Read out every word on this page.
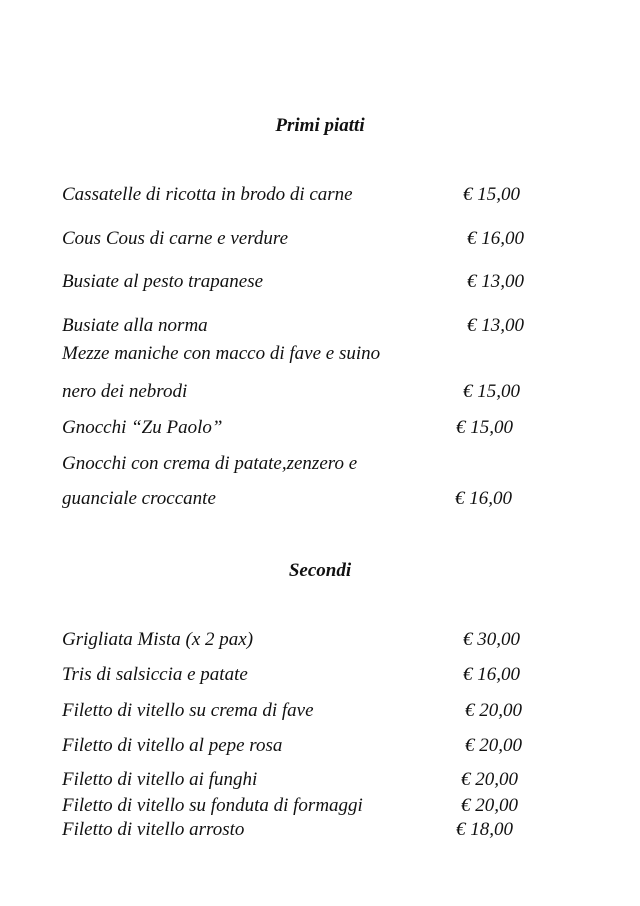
Primi piatti
Cassatelle di ricotta in brodo di carne	€ 15,00
Cous Cous di carne e verdure	€ 16,00
Busiate al pesto trapanese	€ 13,00
Busiate alla norma	€ 13,00
Mezze maniche con macco di fave e suino
nero dei nebrodi	€ 15,00
Gnocchi “Zu Paolo”	€ 15,00
Gnocchi con crema di patate,zenzero e
guanciale croccante	€ 16,00
Secondi
Grigliata Mista (x 2 pax)	€ 30,00
Tris di salsiccia e patate	€ 16,00
Filetto di vitello su crema di fave	€ 20,00
Filetto di vitello al pepe rosa	€ 20,00
Filetto di vitello ai funghi	€ 20,00
Filetto di vitello su fonduta di formaggi	€ 20,00
Filetto di vitello arrosto	€ 18,00
